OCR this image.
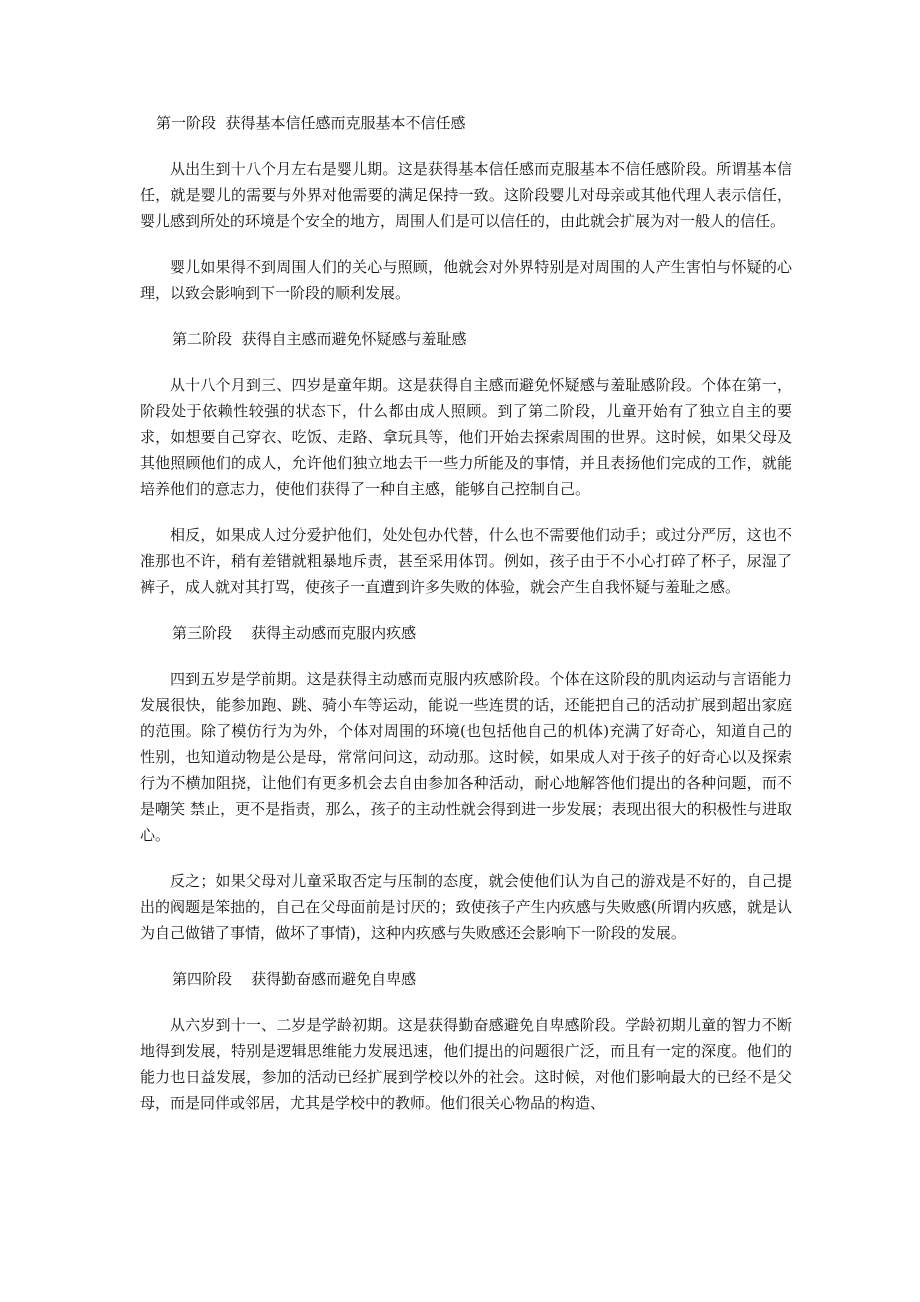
第一阶段  获得基本信任感而克服基本不信任感

从出生到十八个月左右是婴儿期。这是获得基本信任感而克服基本不信任感阶段。所谓基本信任，就是婴儿的需要与外界对他需要的满足保持一致。这阶段婴儿对母亲或其他代理人表示信任，婴儿感到所处的环境是个安全的地方，周围人们是可以信任的，由此就会扩展为对一般人的信任。

婴儿如果得不到周围人们的关心与照顾，他就会对外界特别是对周围的人产生害怕与怀疑的心理，以致会影响到下一阶段的顺利发展。

第二阶段  获得自主感而避免怀疑感与羞耻感

从十八个月到三、四岁是童年期。这是获得自主感而避免怀疑感与羞耻感阶段。个体在第一，阶段处于依赖性较强的状态下，什么都由成人照顾。到了第二阶段，儿童开始有了独立自主的要求，如想要自己穿衣、吃饭、走路、拿玩具等，他们开始去探索周围的世界。这时候，如果父母及其他照顾他们的成人，允许他们独立地去干一些力所能及的事情，并且表扬他们完成的工作，就能培养他们的意志力，使他们获得了一种自主感，能够自己控制自己。

相反，如果成人过分爱护他们，处处包办代替，什么也不需要他们动手；或过分严厉，这也不准那也不许，稍有差错就粗暴地斥责，甚至采用体罚。例如，孩子由于不小心打碎了杯子，尿湿了裤子，成人就对其打骂，使孩子一直遭到许多失败的体验，就会产生自我怀疑与羞耻之感。

第三阶段    获得主动感而克服内疚感

四到五岁是学前期。这是获得主动感而克服内疚感阶段。个体在这阶段的肌肉运动与言语能力发展很快，能参加跑、跳、骑小车等运动，能说一些连贯的话，还能把自己的活动扩展到超出家庭的范围。除了模仿行为为外，个体对周围的环境(也包括他自己的机体)充满了好奇心，知道自己的性别，也知道动物是公是母，常常问问这，动动那。这时候，如果成人对于孩子的好奇心以及探索行为不横加阻挠，让他们有更多机会去自由参加各种活动，耐心地解答他们提出的各种问题，而不是嘲笑 禁止，更不是指责，那么，孩子的主动性就会得到进一步发展；表现出很大的积极性与进取心。

反之；如果父母对儿童采取否定与压制的态度，就会使他们认为自己的游戏是不好的，自己提出的阀题是笨拙的，自己在父母面前是讨厌的；致使孩子产生内疚感与失败感(所谓内疚感，就是认为自己做错了事情，做坏了事情)，这种内疚感与失败感还会影响下一阶段的发展。

第四阶段    获得勤奋感而避免自卑感

从六岁到十一、二岁是学龄初期。这是获得勤奋感避免自卑感阶段。学龄初期儿童的智力不断地得到发展，特别是逻辑思维能力发展迅速，他们提出的问题很广泛，而且有一定的深度。他们的能力也日益发展，参加的活动已经扩展到学校以外的社会。这时候，对他们影响最大的已经不是父母，而是同伴或邻居，尤其是学校中的教师。他们很关心物品的构造、
